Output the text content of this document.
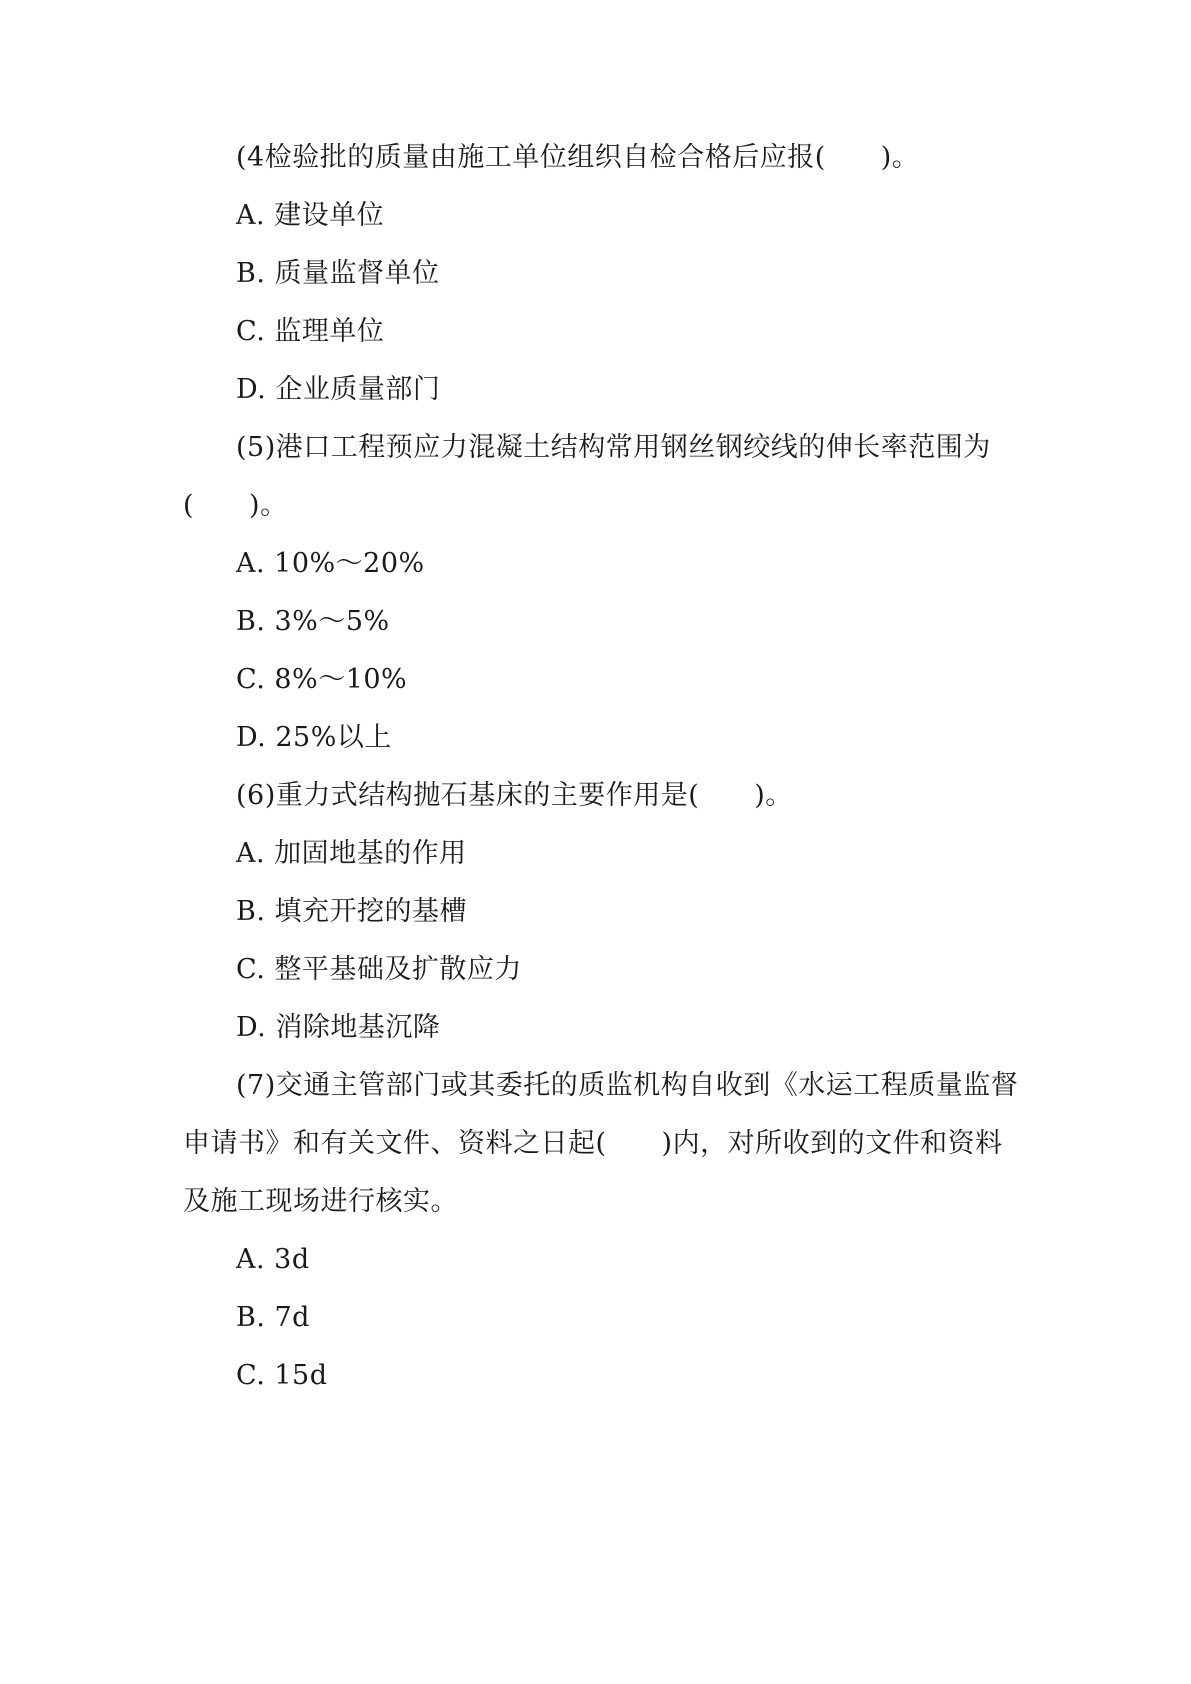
(4检验批的质量由施工单位组织自检合格后应报(　　)。
A. 建设单位
B. 质量监督单位
C. 监理单位
D. 企业质量部门
(5)港口工程预应力混凝土结构常用钢丝钢绞线的伸长率范围为
(　　)。
A. 10%～20%
B. 3%～5%
C. 8%～10%
D. 25%以上
(6)重力式结构抛石基床的主要作用是(　　)。
A. 加固地基的作用
B. 填充开挖的基槽
C. 整平基础及扩散应力
D. 消除地基沉降
(7)交通主管部门或其委托的质监机构自收到《水运工程质量监督
申请书》和有关文件、资料之日起(　　)内，对所收到的文件和资料
及施工现场进行核实。
A. 3d
B. 7d
C. 15d
